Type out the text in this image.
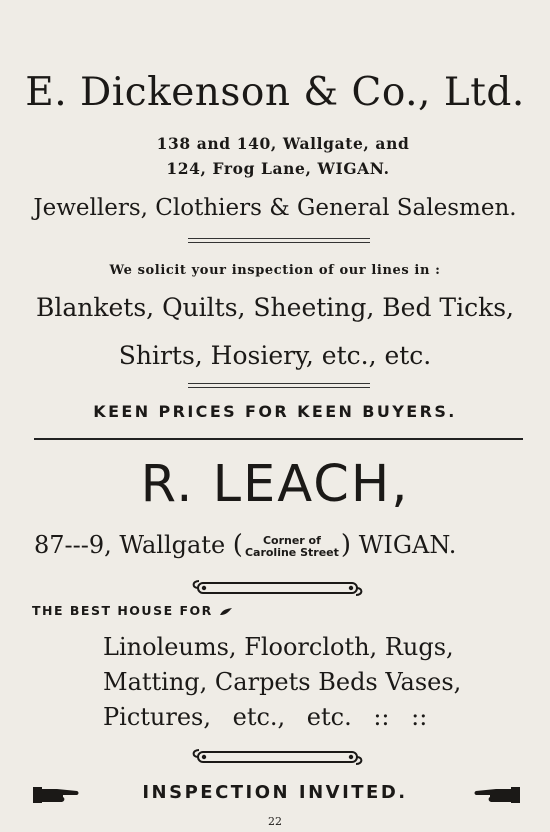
E. Dickenson & Co., Ltd.
138 and 140, Wallgate, and
124, Frog Lane, WIGAN.
Jewellers, Clothiers & General Salesmen.
We solicit your inspection of our lines in :
Blankets, Quilts, Sheeting, Bed Ticks,
Shirts, Hosiery, etc., etc.
KEEN PRICES FOR KEEN BUYERS.
R. LEACH,
87---9, Wallgate ( Corner of
Caroline Street) WIGAN.
THE BEST HOUSE FOR
Linoleums, Floorcloth, Rugs,
Matting, Carpets Beds Vases,
Pictures, etc., etc. :: ::
INSPECTION INVITED.
22
